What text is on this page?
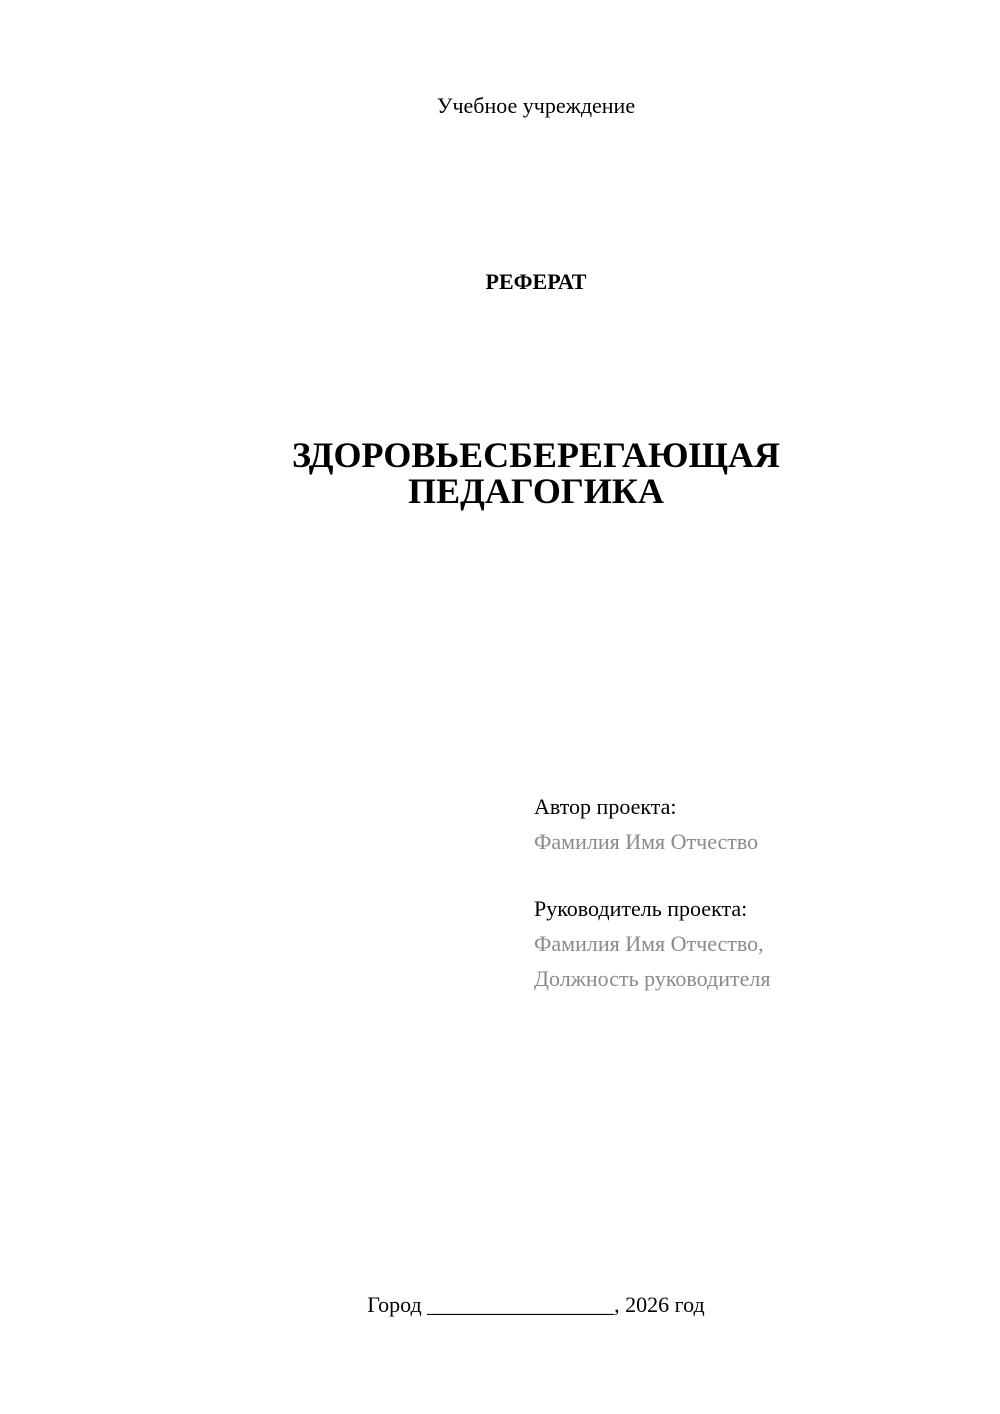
Учебное учреждение
РЕФЕРАТ
ЗДОРОВЬЕСБЕРЕГАЮЩАЯ
ПЕДАГОГИКА
Автор проекта:
Фамилия Имя Отчество
Руководитель проекта:
Фамилия Имя Отчество,
Должность руководителя
Город _________________, 2026 год
